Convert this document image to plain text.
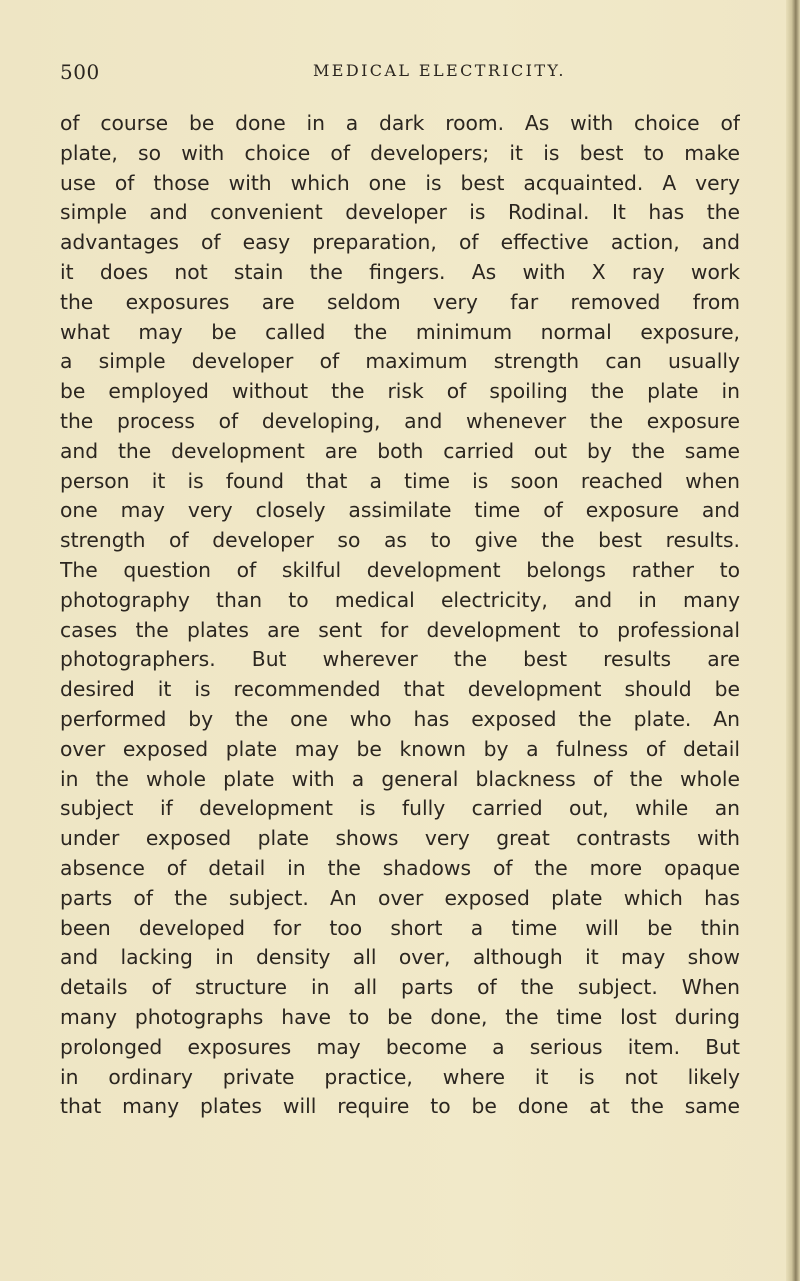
500	MEDICAL ELECTRICITY.
of course be done in a dark room. As with choice of
plate, so with choice of developers; it is best to make
use of those with which one is best acquainted. A very
simple and convenient developer is Rodinal. It has the
advantages of easy preparation, of effective action, and
it does not stain the fingers. As with X ray work
the exposures are seldom very far removed from
what may be called the minimum normal exposure,
a simple developer of maximum strength can usually
be employed without the risk of spoiling the plate in
the process of developing, and whenever the exposure
and the development are both carried out by the same
person it is found that a time is soon reached when
one may very closely assimilate time of exposure and
strength of developer so as to give the best results.
The question of skilful development belongs rather to
photography than to medical electricity, and in many
cases the plates are sent for development to professional
photographers. But wherever the best results are
desired it is recommended that development should be
performed by the one who has exposed the plate. An
over exposed plate may be known by a fulness of detail
in the whole plate with a general blackness of the whole
subject if development is fully carried out, while an
under exposed plate shows very great contrasts with
absence of detail in the shadows of the more opaque
parts of the subject. An over exposed plate which has
been developed for too short a time will be thin
and lacking in density all over, although it may show
details of structure in all parts of the subject. When
many photographs have to be done, the time lost during
prolonged exposures may become a serious item. But
in ordinary private practice, where it is not likely
that many plates will require to be done at the same
